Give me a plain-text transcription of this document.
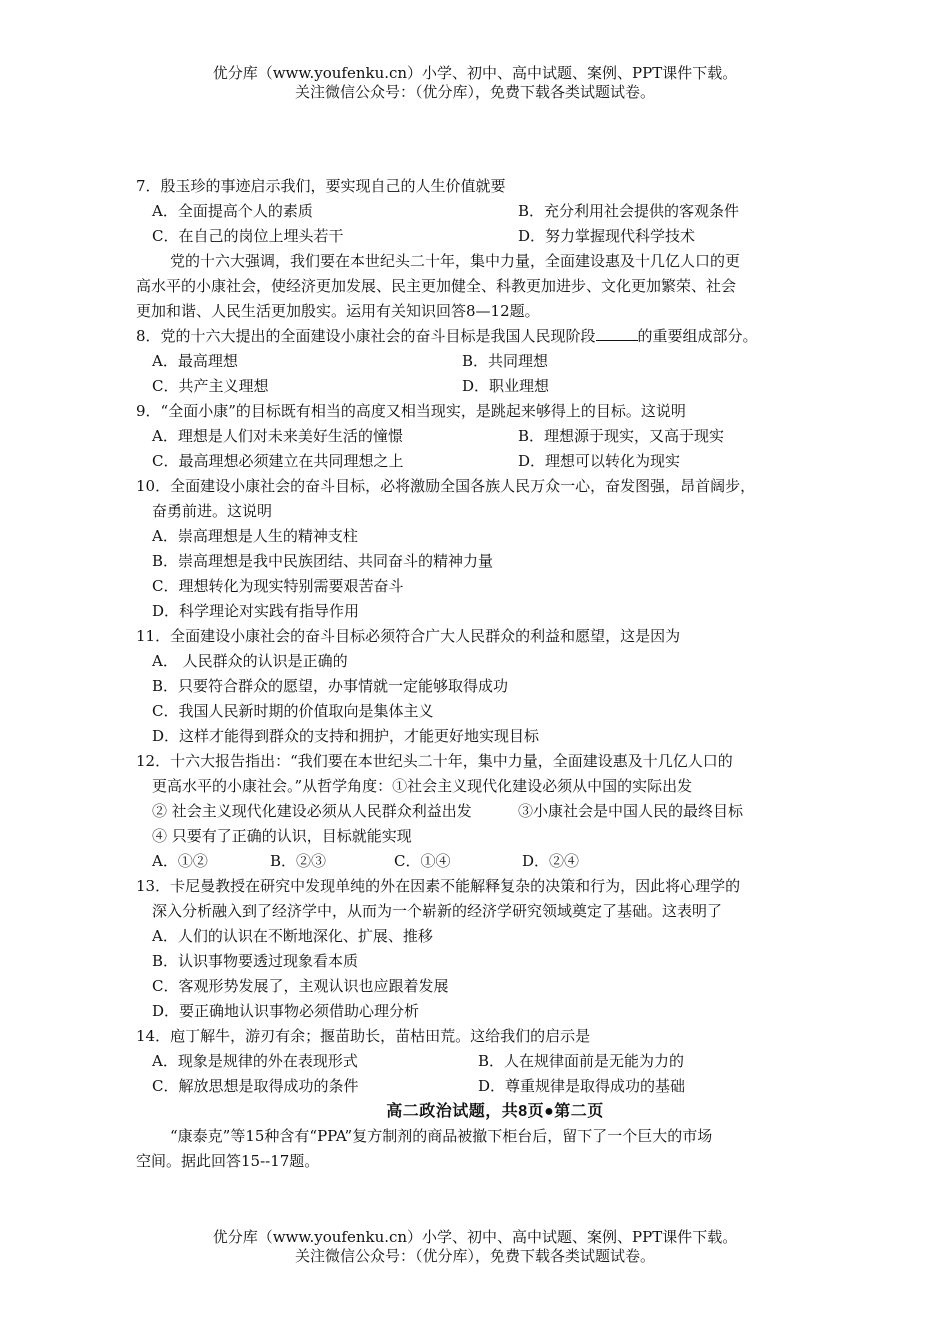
优分库（www.youfenku.cn）小学、初中、高中试题、案例、PPT课件下载。
关注微信公众号：（优分库），免费下载各类试题试卷。
7．殷玉珍的事迹启示我们，要实现自己的人生价值就要
A．全面提高个人的素质	B．充分利用社会提供的客观条件
C．在自己的岗位上埋头若干	D．努力掌握现代科学技术
党的十六大强调，我们要在本世纪头二十年，集中力量，全面建设惠及十几亿人口的更
高水平的小康社会，使经济更加发展、民主更加健全、科教更加进步、文化更加繁荣、社会
更加和谐、人民生活更加殷实。运用有关知识回答8—12题。
8．党的十六大提出的全面建设小康社会的奋斗目标是我国人民现阶段	的重要组成部分。
A．最高理想	B．共同理想
C．共产主义理想	D．职业理想
9．“全面小康”的目标既有相当的高度又相当现实，是跳起来够得上的目标。这说明
A．理想是人们对未来美好生活的憧憬	B．理想源于现实，又高于现实
C．最高理想必须建立在共同理想之上	D．理想可以转化为现实
10．全面建设小康社会的奋斗目标，必将激励全国各族人民万众一心，奋发图强，昂首阔步，
奋勇前进。这说明
A．崇高理想是人生的精神支柱
B．崇高理想是我中民族团结、共同奋斗的精神力量
C．理想转化为现实特别需要艰苦奋斗
D．科学理论对实践有指导作用
11．全面建设小康社会的奋斗目标必须符合广大人民群众的利益和愿望，这是因为
A． 人民群众的认识是正确的
B．只要符合群众的愿望，办事情就一定能够取得成功
C．我国人民新时期的价值取向是集体主义
D．这样才能得到群众的支持和拥护，才能更好地实现目标
12．十六大报告指出：“我们要在本世纪头二十年，集中力量，全面建设惠及十几亿人口的
更高水平的小康社会。”从哲学角度：①社会主义现代化建设必须从中国的实际出发
② 社会主义现代化建设必须从人民群众利益出发	③小康社会是中国人民的最终目标
④ 只要有了正确的认识，目标就能实现
A．①②	B．②③	C．①④	D．②④
13．卡尼曼教授在研究中发现单纯的外在因素不能解释复杂的决策和行为，因此将心理学的
深入分析融入到了经济学中，从而为一个崭新的经济学研究领域奠定了基础。这表明了
A．人们的认识在不断地深化、扩展、推移
B．认识事物要透过现象看本质
C．客观形势发展了，主观认识也应跟着发展
D．要正确地认识事物必须借助心理分析
14．庖丁解牛，游刃有余；揠苗助长，苗枯田荒。这给我们的启示是
A．现象是规律的外在表现形式	B．人在规律面前是无能为力的
C．解放思想是取得成功的条件	D．尊重规律是取得成功的基础
高二政治试题，共8页●第二页
“康泰克”等15种含有“PPA”复方制剂的商品被撤下柜台后，留下了一个巨大的市场
空间。据此回答15--17题。
优分库（www.youfenku.cn）小学、初中、高中试题、案例、PPT课件下载。
关注微信公众号：（优分库），免费下载各类试题试卷。
